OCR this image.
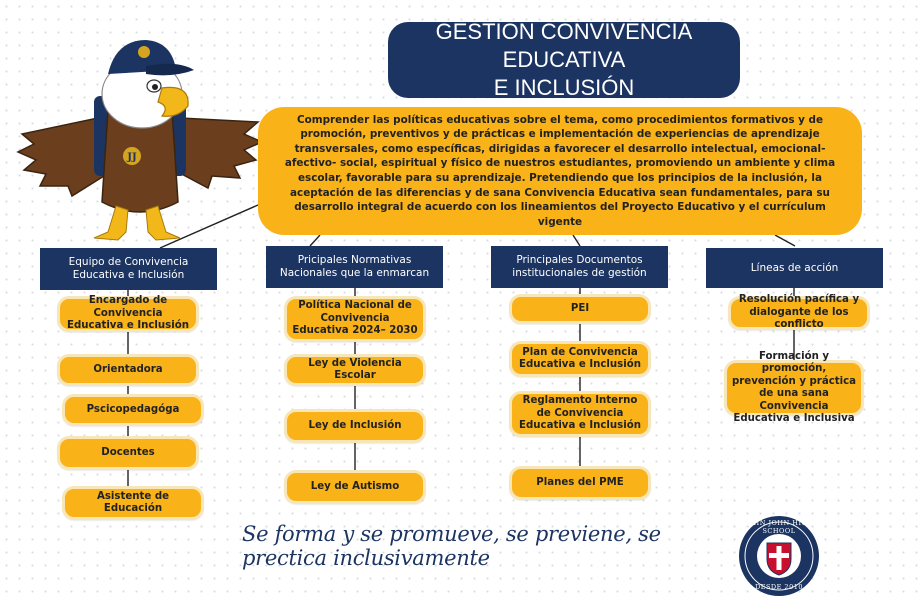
JJ
GESTIÓN CONVIVENCIA EDUCATIVA
E INCLUSIÓN
Comprender las políticas educativas sobre el tema, como procedimientos formativos y de promoción, preventivos y de prácticas e implementación de experiencias de aprendizaje transversales, como específicas, dirigidas a favorecer el desarrollo intelectual, emocional- afectivo- social, espiritual y físico de nuestros estudiantes, promoviendo un ambiente y clima escolar, favorable para su aprendizaje. Pretendiendo que los principios de la inclusión, la aceptación de las diferencias y de sana Convivencia Educativa sean fundamentales, para su desarrollo integral de acuerdo con los lineamientos del Proyecto Educativo y el currículum vigente
Equipo de Convivencia Educativa e Inclusión
Encargado de Convivencia Educativa e Inclusión
Orientadora
Pscicopedagóga
Docentes
Asistente de Educación
Pricipales Normativas Nacionales que la enmarcan
Política Nacional de Convivencia Educativa 2024– 2030
Ley de Violencia Escolar
Ley de Inclusión
Ley de Autismo
Principales Documentos institucionales de gestión
PEI
Plan de Convivencia Educativa e Inclusión
Reglamento Interno de Convivencia Educativa e Inclusión
Planes del PME
Líneas de acción
Resolución pacífica y dialogante de los conflicto
Formación y promoción, prevención y práctica de una sana Convivencia Educativa e Inclusiva
Se forma y se promueve, se previene, se prectica inclusivamente
JOHN JOHN HIGH SCHOOL
DESDE 2010
